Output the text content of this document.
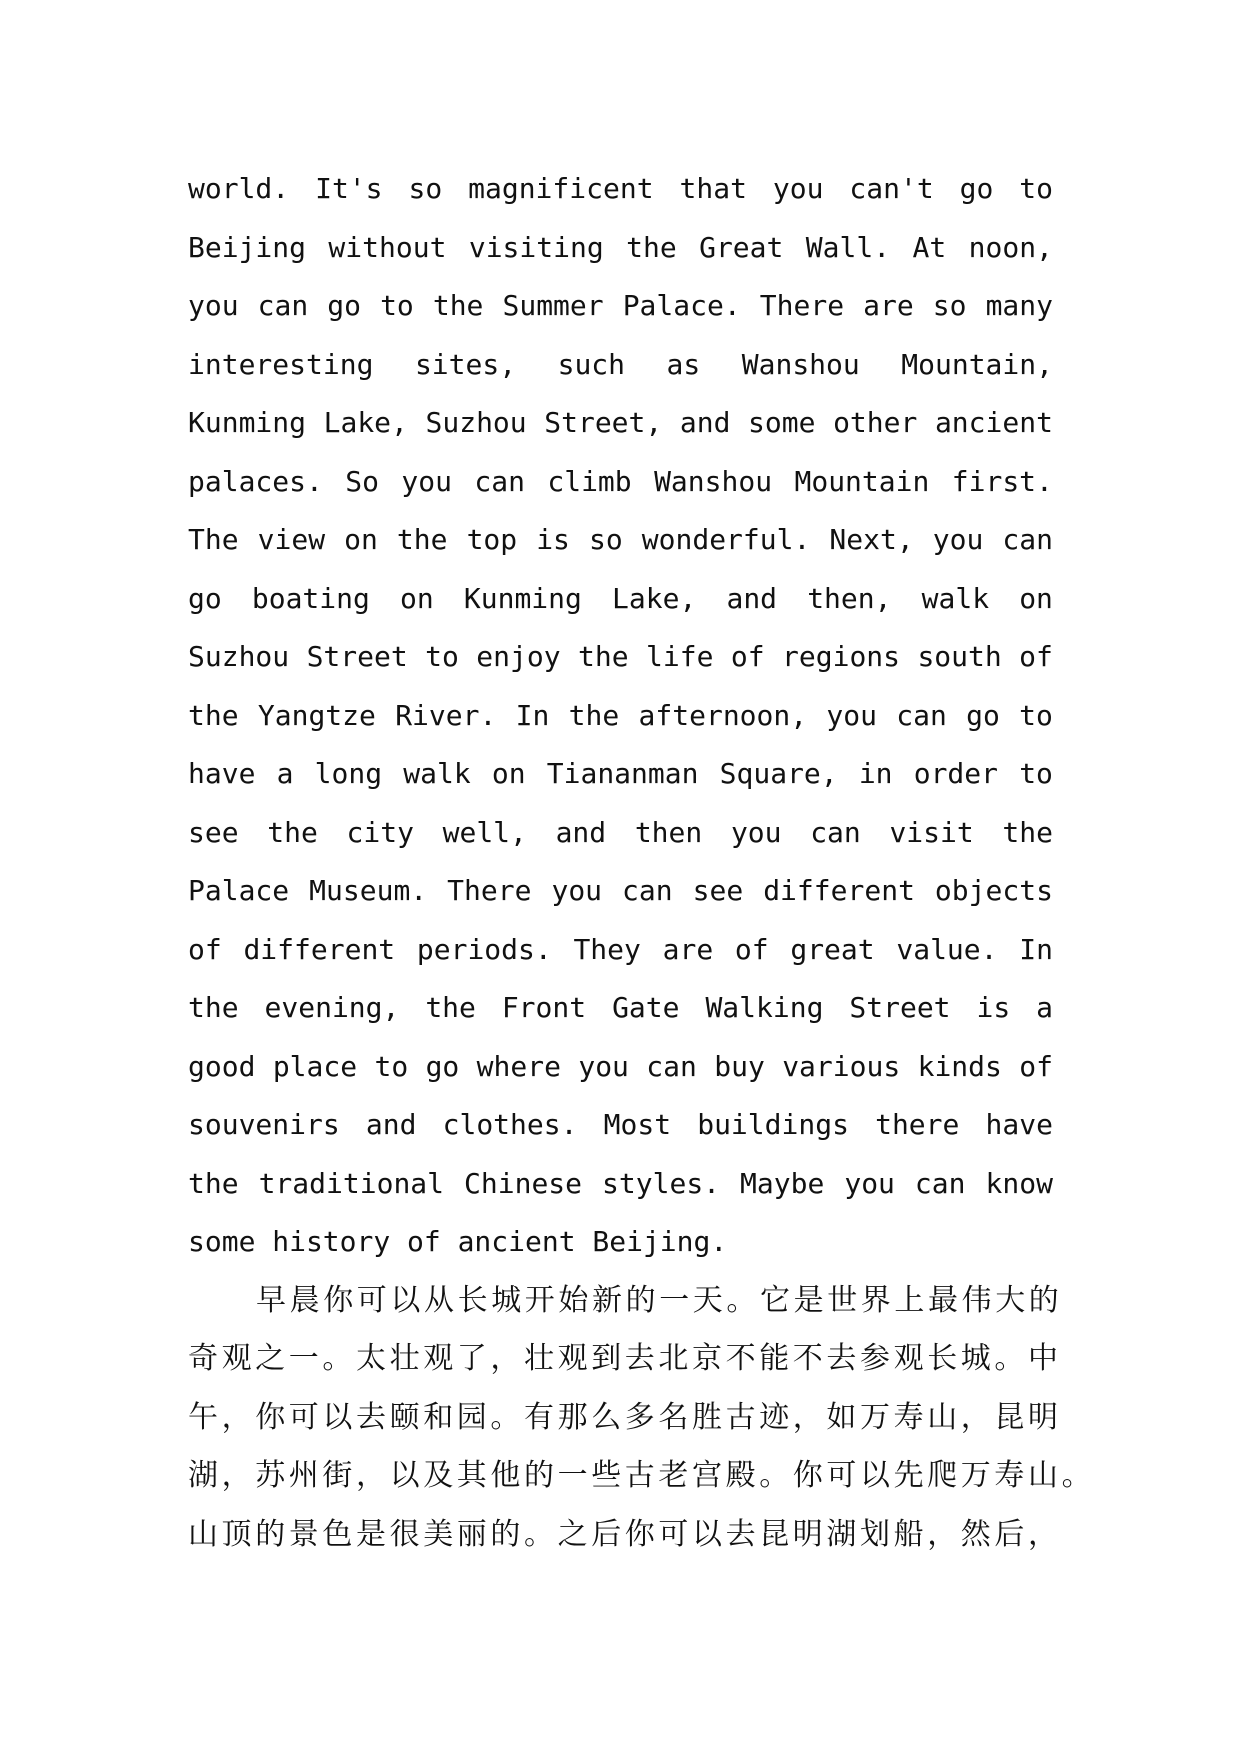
world. It's so magnificent that you can't go to
Beijing without visiting the Great Wall. At noon,
you can go to the Summer Palace. There are so many
interesting sites, such as Wanshou Mountain,
Kunming Lake, Suzhou Street, and some other ancient
palaces. So you can climb Wanshou Mountain first.
The view on the top is so wonderful. Next, you can
go boating on Kunming Lake, and then, walk on
Suzhou Street to enjoy the life of regions south of
the Yangtze River. In the afternoon, you can go to
have a long walk on Tiananman Square, in order to
see the city well, and then you can visit the
Palace Museum. There you can see different objects
of different periods. They are of great value. In
the evening, the Front Gate Walking Street is a
good place to go where you can buy various kinds of
souvenirs and clothes. Most buildings there have
the traditional Chinese styles. Maybe you can know
some history of ancient Beijing.
早晨你可以从长城开始新的一天。它是世界上最伟大的
奇观之一。太壮观了，壮观到去北京不能不去参观长城。中
午，你可以去颐和园。有那么多名胜古迹，如万寿山，昆明
湖，苏州街，以及其他的一些古老宫殿。你可以先爬万寿山。
山顶的景色是很美丽的。之后你可以去昆明湖划船，然后，
